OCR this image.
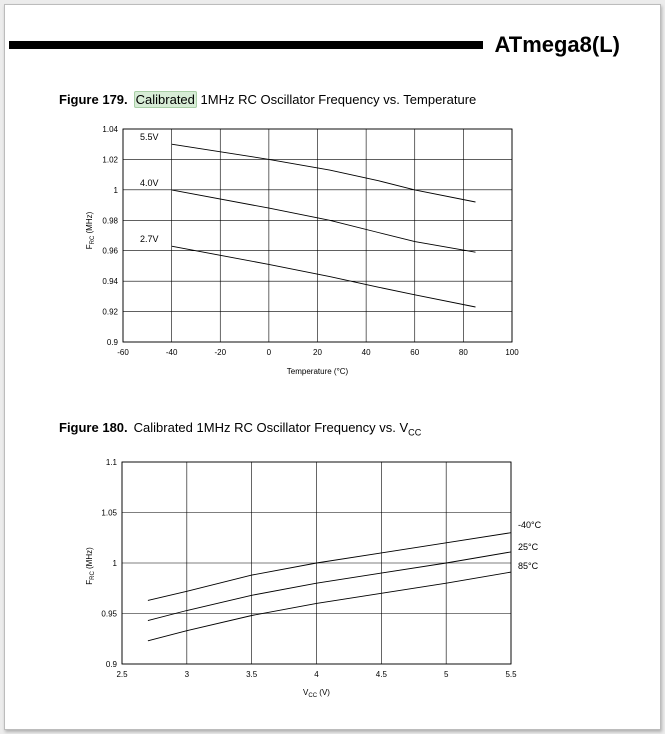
ATmega8(L)
Figure 179. Calibrated 1MHz RC Oscillator Frequency vs. Temperature
Figure 180. Calibrated 1MHz RC Oscillator Frequency vs. $V_{CC}$
-60	-40	-20	0	20	40	60	80	100
0.9
0.92
0.94
0.96
0.98
1
1.02
1.04
5.5V
4.0V
2.7V
Temperature (°C)
$F_{RC}$ (MHz)
2.5	3	3.5	4	4.5	5	5.5
0.9
0.95
1
1.05
1.1
-40°C
25°C
85°C
$V_{CC}$ (V)
$F_{RC}$ (MHz)
